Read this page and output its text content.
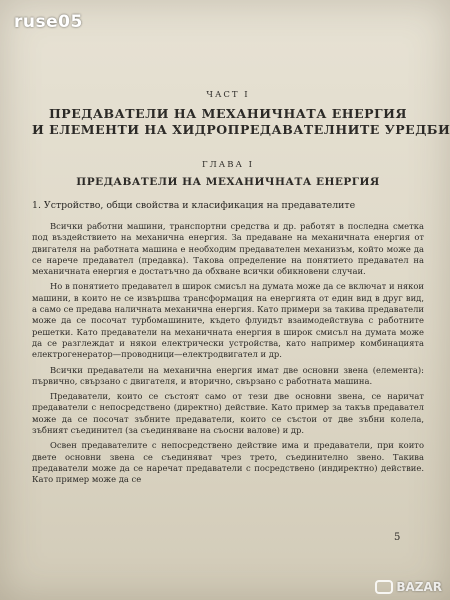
ЧАСТ I
ПРЕДАВАТЕЛИ НА МЕХАНИЧНАТА ЕНЕРГИЯ
И ЕЛЕМЕНТИ НА ХИДРОПРЕДАВАТЕЛНИТЕ УРЕДБИ
ГЛАВА I
ПРЕДАВАТЕЛИ НА МЕХАНИЧНАТА ЕНЕРГИЯ
1. Устройство, общи свойства и класификация на предавателите

Всички работни машини, транспортни средства и др. работят в последна сметка под въздействието на механична енергия. За предаване на механичната енергия от двигателя на работната машина е необходим предавателен механизъм, който може да се нарече предавател (предавка). Такова определение на понятието предавател на механичната енергия е достатъчно да обхване всички обикновени случаи.

Но в понятието предавател в широк смисъл на думата може да се включат и някои машини, в които не се извършва трансформация на енергията от един вид в друг вид, а само се предава наличната механична енергия. Като примери за такива предаватели може да се посочат турбомашините, където флуидът взаимодействува с работните решетки. Като предаватели на механичната енергия в широк смисъл на думата може да се разглеждат и някои електрически устройства, като например комбинацията електрогенератор—проводници—електродвигател и др.

Всички предаватели на механична енергия имат две основни звена (елемента): първично, свързано с двигателя, и вторично, свързано с работната машина.

Предаватели, които се състоят само от тези две основни звена, се наричат предаватели с непосредствено (директно) действие. Като пример за такъв предавател може да се посочат зъбните предаватели, които се състои от две зъбни колела, зъбният съединител (за съединяване на съосни валове) и др.

Освен предавателите с непосредствено действие има и предаватели, при които двете основни звена се съединяват чрез трето, съединително звено. Такива предаватели може да се наречат предаватели с посредствено (индиректно) действие. Като пример може да се

5
ruse05
BAZAR
